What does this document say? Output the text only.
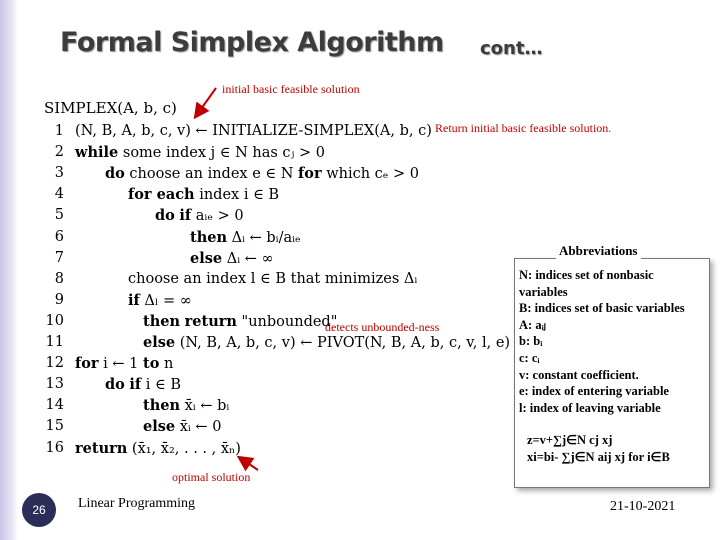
Formal Simplex Algorithm cont…
initial basic feasible solution
Return initial basic feasible solution.
detects unbounded-ness
optimal solution
SIMPLEX(A, b, c)
1 (N, B, A, b, c, v) ← INITIALIZE-SIMPLEX(A, b, c)
2 while some index j ∈ N has cⱼ > 0
3	do choose an index e ∈ N for which cₑ > 0
4	for each index i ∈ B
5	do if aᵢₑ > 0
6	then Δᵢ ← bᵢ/aᵢₑ
7	else Δᵢ ← ∞
8	choose an index l ∈ B that minimizes Δᵢ
9	if Δₗ = ∞
10	then return "unbounded"
11	else (N, B, A, b, c, v) ← PIVOT(N, B, A, b, c, v, l, e)
12 for i ← 1 to n
13	do if i ∈ B
14	then x̄ᵢ ← bᵢ
15	else x̄ᵢ ← 0
16 return (x̄₁, x̄₂, . . . , x̄ₙ)
N: indices set of nonbasic variables
B: indices set of basic variables
A: aᵢⱼ
b: bᵢ
c: cᵢ
v: constant coefficient.
e: index of entering variable
l: index of leaving variable
Abbreviations
z=v+∑j∈N cj xj
xi=bi- ∑j∈N aij xj for i∈B
26	Linear Programming	21-10-2021
